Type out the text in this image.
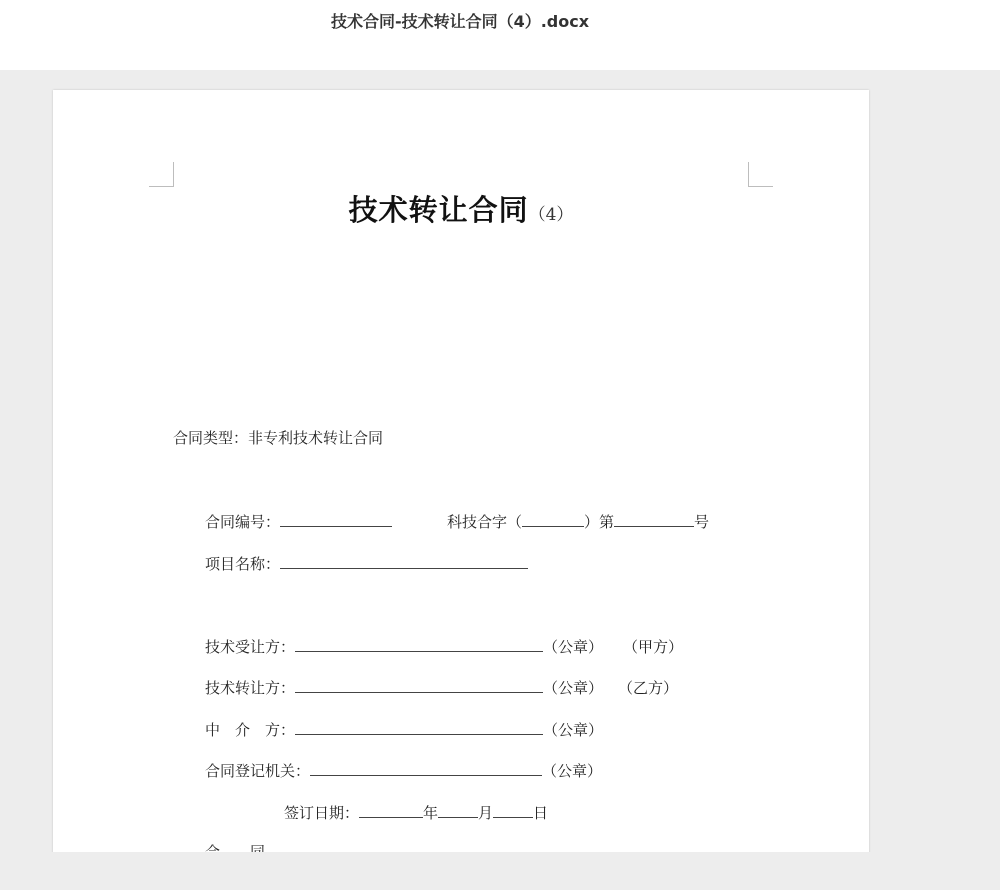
技术合同-技术转让合同（4）.docx
技术转让合同（4）
合同类型：非专利技术转让合同
合同编号：	科技合字（	）第	号
项目名称：
技术受让方：	（公章） （甲方）
技术转让方：	（公章） （乙方）
中　介　方：	（公章）
合同登记机关：	（公章）
签订日期：	年	月	日
